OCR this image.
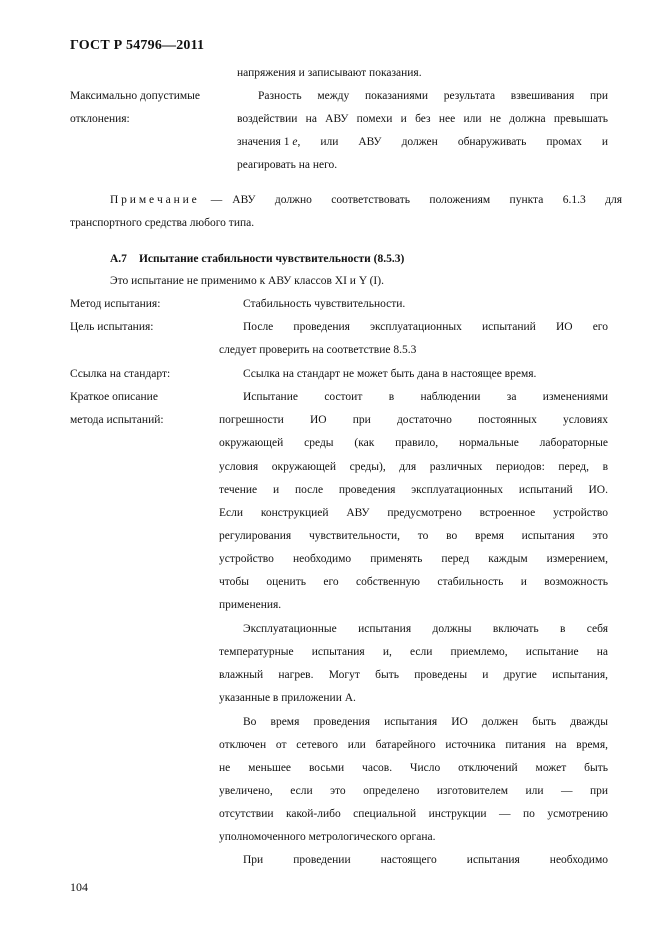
ГОСТ Р 54796—2011
напряжения и записывают показания.
Максимально допустимые
отклонения:
Разность между показаниями результата взвешивания при
воздействии на АВУ помехи и без нее или не должна превышать
значения 1
e , или АВУ должен обнаруживать промах и
реагировать на него.
П р и м е ч а н и е — АВУ должно соответствовать положениям пункта 6.1.3 для
транспортного средства любого типа.
А.7 Испытание стабильности чувствительности (8.5.3)
Это испытание не применимо к АВУ классов XI и Y (I).
Метод испытания:	Стабильность чувствительности.
Цель испытания:	После проведения эксплуатационных испытаний ИО его
следует проверить на соответствие 8.5.3
Ссылка на стандарт:	Ссылка на стандарт не может быть дана в настоящее время.
Краткое описание
метода испытаний:
Испытание состоит в наблюдении за изменениями
погрешности ИО при достаточно постоянных условиях
окружающей среды (как правило, нормальные лабораторные
условия окружающей среды), для различных периодов: перед, в
течение и после проведения эксплуатационных испытаний ИО.
Если конструкцией АВУ предусмотрено встроенное устройство
регулирования чувствительности, то во время испытания это
устройство необходимо применять перед каждым измерением,
чтобы оценить его собственную стабильность и возможность
применения.
Эксплуатационные испытания должны включать в себя
температурные испытания и, если приемлемо, испытание на
влажный нагрев. Могут быть проведены и другие испытания,
указанные в приложении А.
Во время проведения испытания ИО должен быть дважды
отключен от сетевого или батарейного источника питания на время,
не меньшее восьми часов. Число отключений может быть
увеличено, если это определено изготовителем или — при
отсутствии какой-либо специальной инструкции — по усмотрению
уполномоченного метрологического органа.
При проведении настоящего испытания необходимо
104
